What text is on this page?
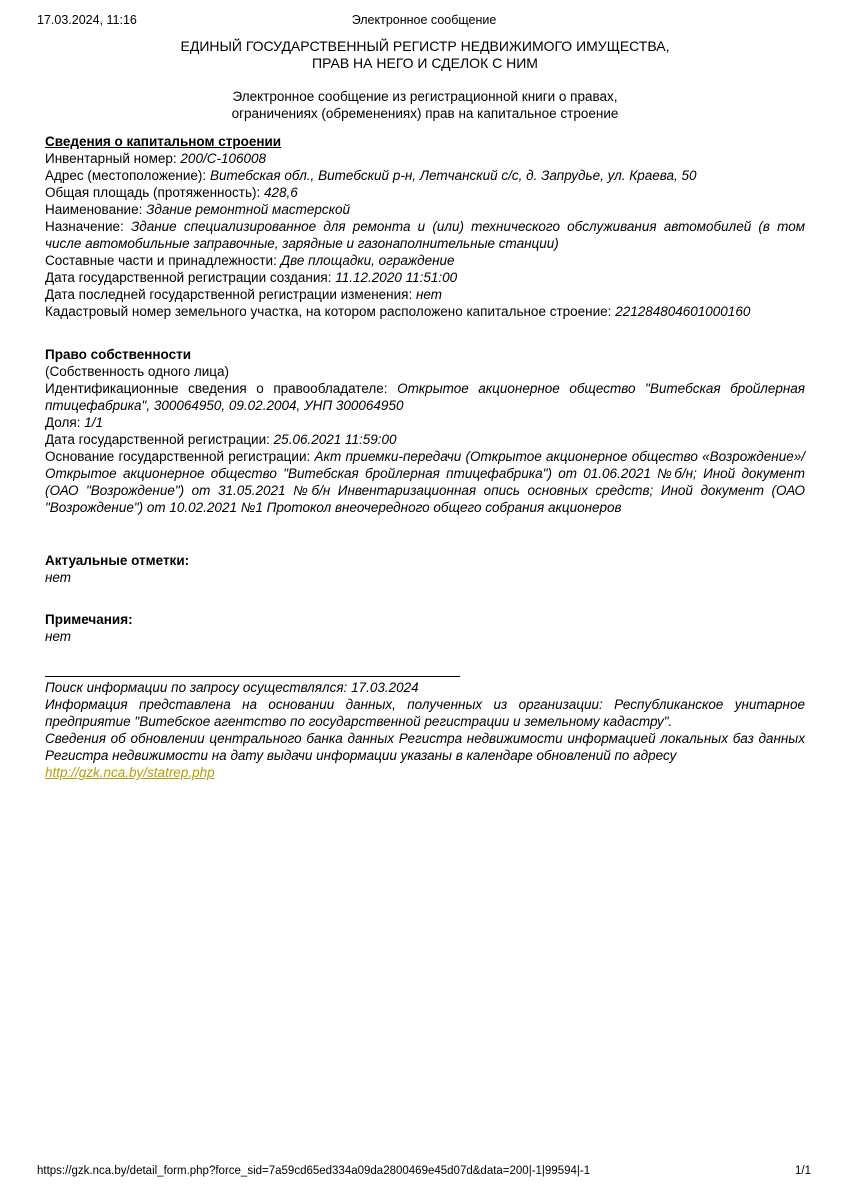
17.03.2024, 11:16	Электронное сообщение
ЕДИНЫЙ ГОСУДАРСТВЕННЫЙ РЕГИСТР НЕДВИЖИМОГО ИМУЩЕСТВА,
ПРАВ НА НЕГО И СДЕЛОК С НИМ
Электронное сообщение из регистрационной книги о правах,
ограничениях (обременениях) прав на капитальное строение
Сведения о капитальном строении
Инвентарный номер: 200/С-106008
Адрес (местоположение): Витебская обл., Витебский р-н, Летчанский с/с, д. Запрудье, ул. Краева, 50
Общая площадь (протяженность): 428,6
Наименование: Здание ремонтной мастерской
Назначение: Здание специализированное для ремонта и (или) технического обслуживания автомобилей (в том числе автомобильные заправочные, зарядные и газонаполнительные станции)
Составные части и принадлежности: Две площадки, ограждение
Дата государственной регистрации создания: 11.12.2020 11:51:00
Дата последней государственной регистрации изменения: нет
Кадастровый номер земельного участка, на котором расположено капитальное строение: 221284804601000160
Право собственности
(Собственность одного лица)
Идентификационные сведения о правообладателе: Открытое акционерное общество "Витебская бройлерная птицефабрика", 300064950, 09.02.2004, УНП 300064950
Доля: 1/1
Дата государственной регистрации: 25.06.2021 11:59:00
Основание государственной регистрации: Акт приемки-передачи (Открытое акционерное общество «Возрождение»/Открытое акционерное общество "Витебская бройлерная птицефабрика") от 01.06.2021 №б/н; Иной документ (ОАО "Возрождение") от 31.05.2021 №б/н Инвентаризационная опись основных средств; Иной документ (ОАО "Возрождение") от 10.02.2021 №1 Протокол внеочередного общего собрания акционеров
Актуальные отметки:
нет
Примечания:
нет
Поиск информации по запросу осуществлялся: 17.03.2024
Информация представлена на основании данных, полученных из организации: Республиканское унитарное предприятие "Витебское агентство по государственной регистрации и земельному кадастру".
Сведения об обновлении центрального банка данных Регистра недвижимости информацией локальных баз данных Регистра недвижимости на дату выдачи информации указаны в календаре обновлений по адресу
http://gzk.nca.by/statrep.php
https://gzk.nca.by/detail_form.php?force_sid=7a59cd65ed334a09da2800469e45d07d&data=200|-1|99594|-1	1/1
